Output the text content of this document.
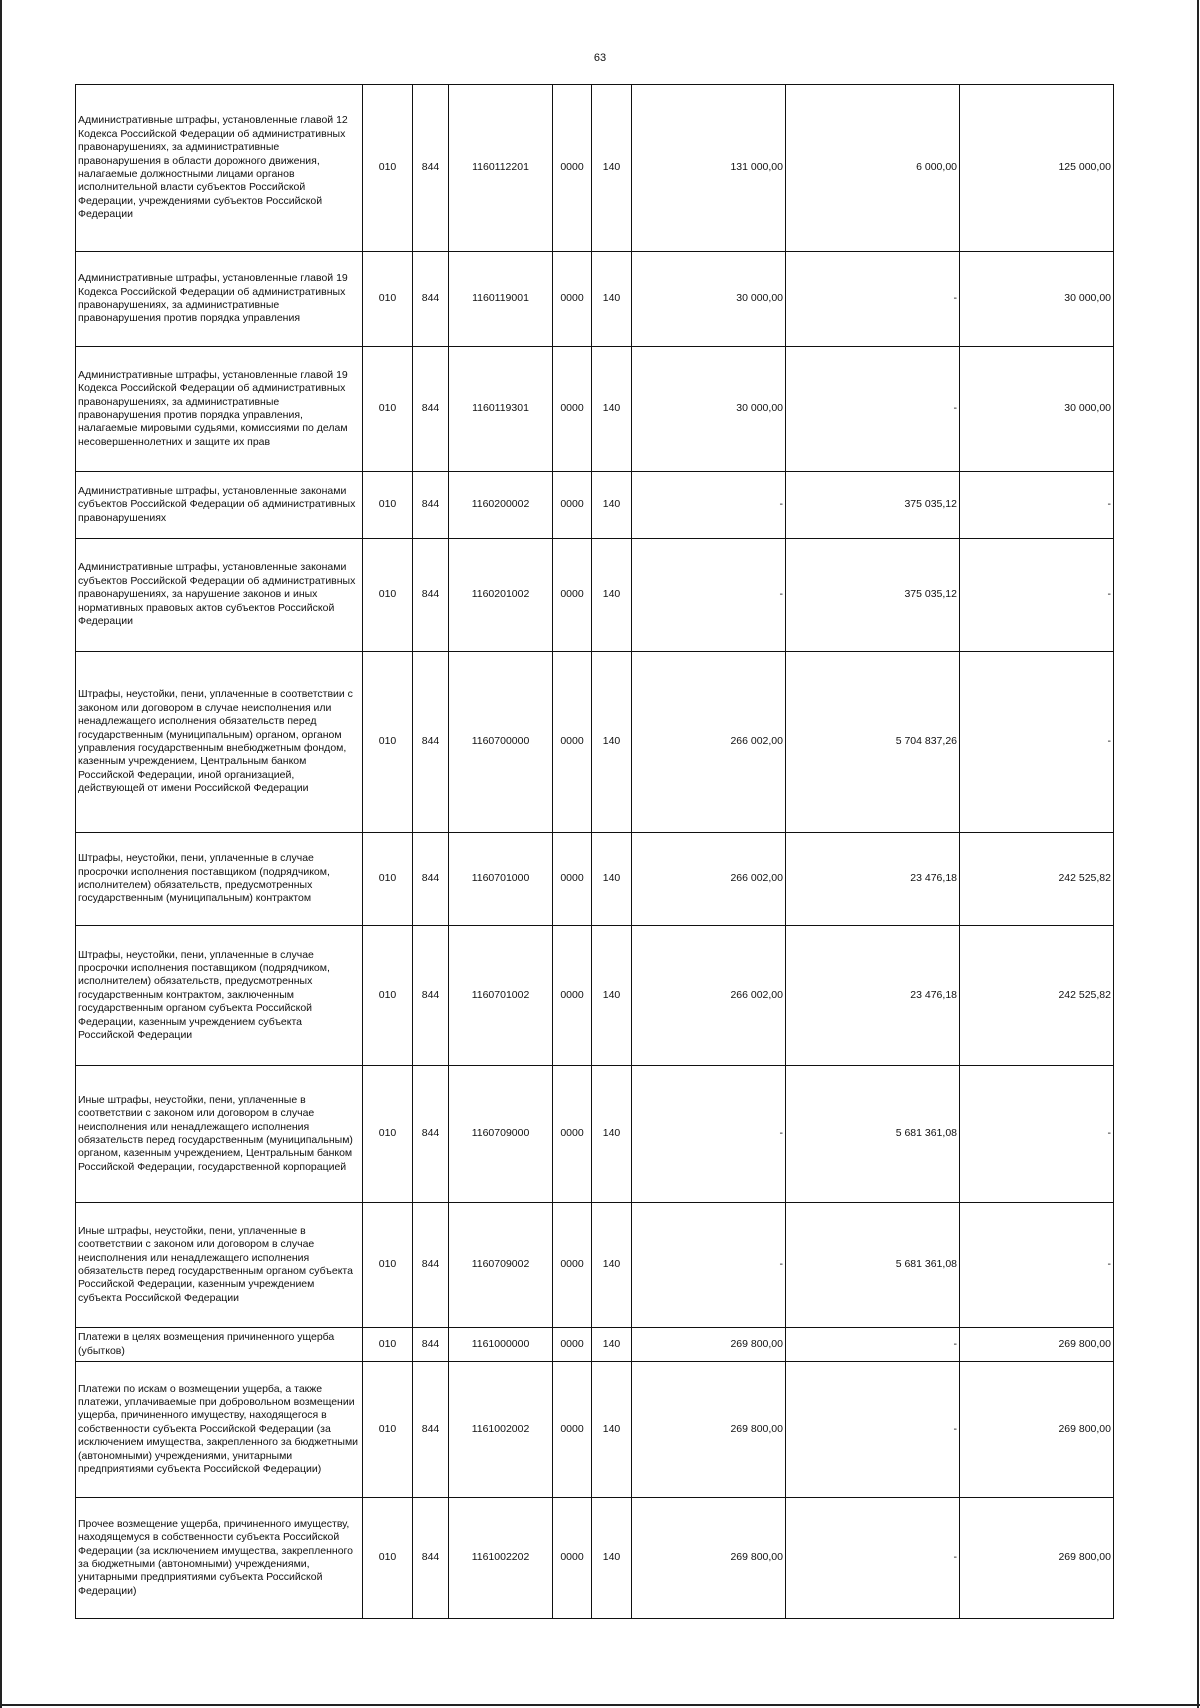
63
Административные штрафы, установленные главой 12 Кодекса Российской Федерации об административных правонарушениях, за административные правонарушения в области дорожного движения, налагаемые должностными лицами органов исполнительной власти субъектов Российской Федерации, учреждениями субъектов Российской Федерации	010	844	1160112201	0000	140	131 000,00	6 000,00	125 000,00
Административные штрафы, установленные главой 19 Кодекса Российской Федерации об административных правонарушениях, за административные правонарушения против порядка управления	010	844	1160119001	0000	140	30 000,00	-	30 000,00
Административные штрафы, установленные главой 19 Кодекса Российской Федерации об административных правонарушениях, за административные правонарушения против порядка управления, налагаемые мировыми судьями, комиссиями по делам несовершеннолетних и защите их прав	010	844	1160119301	0000	140	30 000,00	-	30 000,00
Административные штрафы, установленные законами субъектов Российской Федерации об административных правонарушениях	010	844	1160200002	0000	140	-	375 035,12	-
Административные штрафы, установленные законами субъектов Российской Федерации об административных правонарушениях, за нарушение законов и иных нормативных правовых актов субъектов Российской Федерации	010	844	1160201002	0000	140	-	375 035,12	-
Штрафы, неустойки, пени, уплаченные в соответствии с законом или договором в случае неисполнения или ненадлежащего исполнения обязательств перед государственным (муниципальным) органом, органом управления государственным внебюджетным фондом, казенным учреждением, Центральным банком Российской Федерации, иной организацией, действующей от имени Российской Федерации	010	844	1160700000	0000	140	266 002,00	5 704 837,26	-
Штрафы, неустойки, пени, уплаченные в случае просрочки исполнения поставщиком (подрядчиком, исполнителем) обязательств, предусмотренных государственным (муниципальным) контрактом	010	844	1160701000	0000	140	266 002,00	23 476,18	242 525,82
Штрафы, неустойки, пени, уплаченные в случае просрочки исполнения поставщиком (подрядчиком, исполнителем) обязательств, предусмотренных государственным контрактом, заключенным государственным органом субъекта Российской Федерации, казенным учреждением субъекта Российской Федерации	010	844	1160701002	0000	140	266 002,00	23 476,18	242 525,82
Иные штрафы, неустойки, пени, уплаченные в соответствии с законом или договором в случае неисполнения или ненадлежащего исполнения обязательств перед государственным (муниципальным) органом, казенным учреждением, Центральным банком Российской Федерации, государственной корпорацией	010	844	1160709000	0000	140	-	5 681 361,08	-
Иные штрафы, неустойки, пени, уплаченные в соответствии с законом или договором в случае неисполнения или ненадлежащего исполнения обязательств перед государственным органом субъекта Российской Федерации, казенным учреждением субъекта Российской Федерации	010	844	1160709002	0000	140	-	5 681 361,08	-
Платежи в целях возмещения причиненного ущерба (убытков)	010	844	1161000000	0000	140	269 800,00	-	269 800,00
Платежи по искам о возмещении ущерба, а также платежи, уплачиваемые при добровольном возмещении ущерба, причиненного имуществу, находящегося в собственности субъекта Российской Федерации (за исключением имущества, закрепленного за бюджетными (автономными) учреждениями, унитарными предприятиями субъекта Российской Федерации)	010	844	1161002002	0000	140	269 800,00	-	269 800,00
Прочее возмещение ущерба, причиненного имуществу, находящемуся в собственности субъекта Российской Федерации (за исключением имущества, закрепленного за бюджетными (автономными) учреждениями, унитарными предприятиями субъекта Российской Федерации)	010	844	1161002202	0000	140	269 800,00	-	269 800,00
